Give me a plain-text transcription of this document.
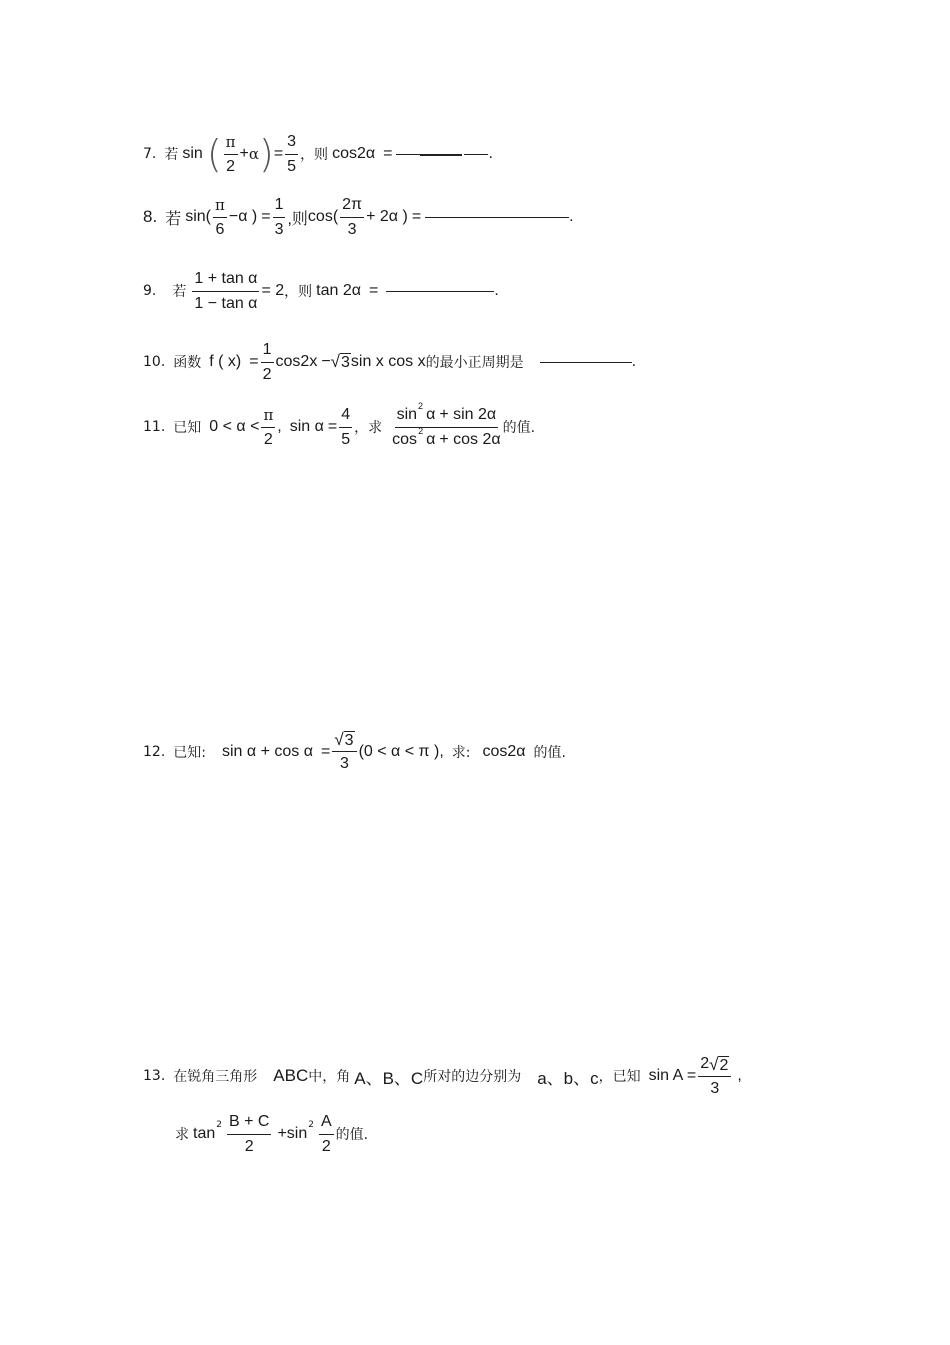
7. 若 sin ( $\frac{\pi}{2} + \alpha$ ) = $\frac{3}{5}$ ，则 cos2α =	.
8. 若 $\sin( \frac{\pi}{6} -\alpha$ ) = $\frac{1}{3}$ ,则 $\cos( \frac{2\pi}{3} + 2\alpha$ ) =	.
9. 若 $\frac{\text{1 + tan α}}{\text{1 − tan α}} = 2$ ，则 tan 2α =	.
10. 函数 f ( $x) = \frac{1}{2} \cos 2x$ − √ 3 sin x cos x 的最小正周期是	.
11. 已知 $0 < \alpha < \frac{\pi}{2}$ , $\sin \alpha = \frac{4}{5}$ ，求 $\frac{\sin 2 \alpha + \sin 2\alpha}{\cos 2 \alpha + \cos 2\alpha}$ 的值.
12. 已知: $\sin \alpha + \cos \alpha = \frac{√ 3}{3} (0 < \alpha < \pi$ ), 求: cos2α 的值.
13. 在锐角三角形 ABC 中，角 A、B、C 所对的边分别为 a、b、c ，已知 $\sin A = \frac{2 √ 2}{3}$ ,
求 $\tan 2 \frac{B + C}{2} + \sin 2 \frac{A}{2}$ 的值.
